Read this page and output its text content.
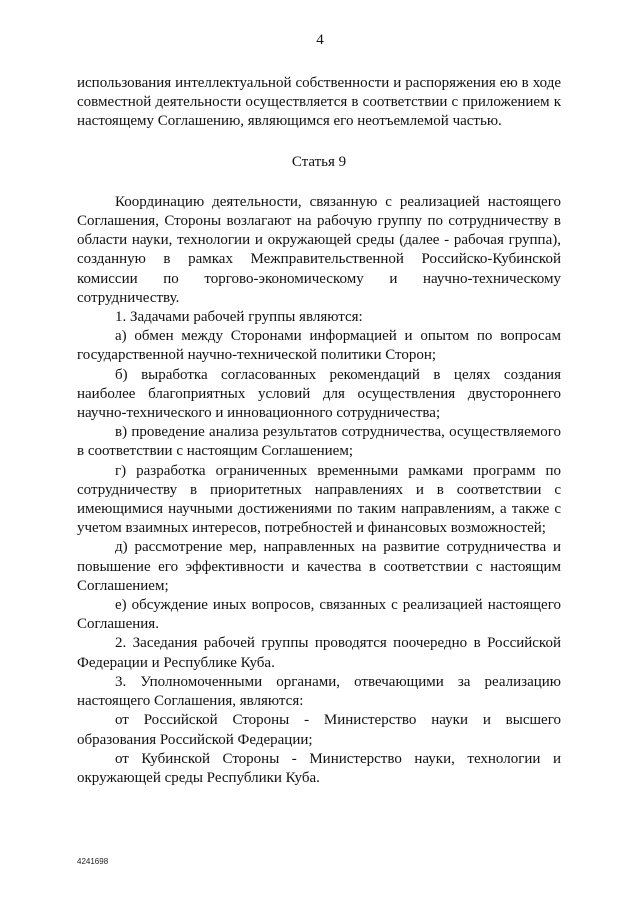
4

использования интеллектуальной собственности и распоряжения ею в ходе совместной деятельности осуществляется в соответствии с приложением к настоящему Соглашению, являющимся его неотъемлемой частью.

Статья 9

Координацию деятельности, связанную с реализацией настоящего Соглашения, Стороны возлагают на рабочую группу по сотрудничеству в области науки, технологии и окружающей среды (далее - рабочая группа), созданную в рамках Межправительственной Российско-Кубинской комиссии по торгово-экономическому и научно-техническому сотрудничеству.

1. Задачами рабочей группы являются:

а) обмен между Сторонами информацией и опытом по вопросам государственной научно-технической политики Сторон;

б) выработка согласованных рекомендаций в целях создания наиболее благоприятных условий для осуществления двустороннего научно-технического и инновационного сотрудничества;

в) проведение анализа результатов сотрудничества, осуществляемого в соответствии с настоящим Соглашением;

г) разработка ограниченных временными рамками программ по сотрудничеству в приоритетных направлениях и в соответствии с имеющимися научными достижениями по таким направлениям, а также с учетом взаимных интересов, потребностей и финансовых возможностей;

д) рассмотрение мер, направленных на развитие сотрудничества и повышение его эффективности и качества в соответствии с настоящим Соглашением;

е) обсуждение иных вопросов, связанных с реализацией настоящего Соглашения.

2. Заседания рабочей группы проводятся поочередно в Российской Федерации и Республике Куба.

3. Уполномоченными органами, отвечающими за реализацию настоящего Соглашения, являются:

от Российской Стороны - Министерство науки и высшего образования Российской Федерации;

от Кубинской Стороны - Министерство науки, технологии и окружающей среды Республики Куба.

4241698
